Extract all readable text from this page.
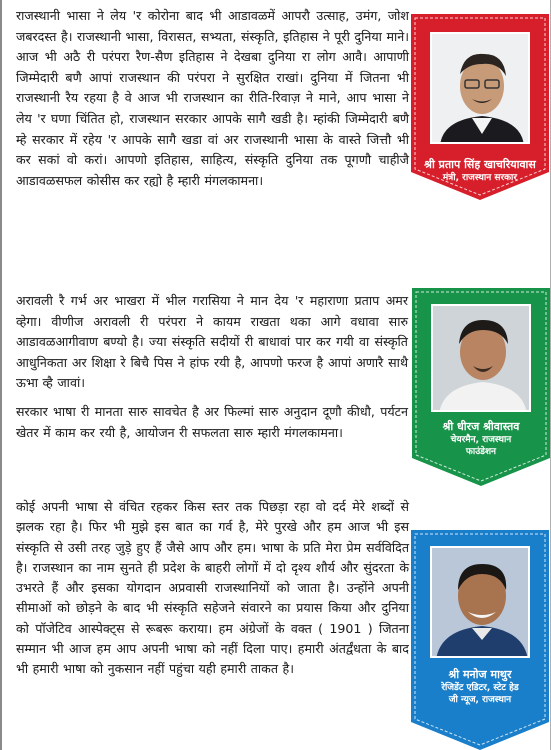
राजस्थानी भासा ने लेय 'र कोरोना बाद भी आडावळमें आपरौ उत्साह, उमंग, जोश जबरदस्त है। राजस्थानी भासा, विरासत, सभ्यता, संस्कृति, इतिहास ने पूरी दुनिया माने। आज भी अठै री परंपरा रैण-सैण इतिहास ने देखबा दुनिया रा लोग आवै। आपाणी जिम्मेदारी बणै आपां राजस्थान की परंपरा ने सुरक्षित राखां। दुनिया में जितना भी राजस्थानी रैय रहया है वे आज भी राजस्थान का रीति-रिवाज़ ने माने, आप भासा ने लेय 'र घणा चिंतित हो, राजस्थान सरकार आपके सागै खडी है। म्हांकी जिम्मेदारी बणै म्हे सरकार में रहेय 'र आपके सागै खडा वां अर राजस्थानी भासा के वास्ते जित्तौ भी कर सकां वो करां। आपणो इतिहास, साहित्य, संस्कृति दुनिया तक पूगणौ चाहीजै आडावळसफल कोसीस कर रह्यो है म्हारी मंगलकामना।

श्री प्रताप सिंह खाचरियावास
मंत्री, राजस्थान सरकार

अरावली रै गर्भ अर भाखरा में भील गरासिया ने मान देय 'र महाराणा प्रताप अमर व्हेगा। वीणीज अरावली री परंपरा ने कायम राखता थका आगे वधावा सारु आडावळआगीवाण बण्यो है। ज्या संस्कृति सदीयों री बाधावां पार कर गयी वा संस्कृति आधुनिकता अर शिक्षा रे बिचै पिस ने हांफ रयी है, आपणो फरज है आपां अणारै साथै ऊभा व्है जावां।

सरकार भाषा री मानता सारु सावचेत है अर फिल्मां सारु अनुदान दूणौ कीधौ, पर्यटन खेतर में काम कर रयी है, आयोजन री सफलता सारु म्हारी मंगलकामना।	श्री धीरज श्रीवास्तव
चेयरमैन, राजस्थान
फाउंडेशन

कोई अपनी भाषा से वंचित रहकर किस स्तर तक पिछड़ा रहा वो दर्द मेरे शब्दों से झलक रहा है। फिर भी मुझे इस बात का गर्व है, मेरे पुरखे और हम आज भी इस संस्कृति से उसी तरह जुड़े हुए हैं जैसे आप और हम। भाषा के प्रति मेरा प्रेम सर्वविदित है। राजस्थान का नाम सुनते ही प्रदेश के बाहरी लोगों में दो दृश्य शौर्य और सुंदरता के उभरते हैं और इसका योगदान अप्रवासी राजस्थानियों को जाता है। उन्होंने अपनी सीमाओं को छोड़ने के बाद भी संस्कृति सहेजने संवारने का प्रयास किया और दुनिया को पॉजेटिव आस्पेक्ट्स से रूबरू कराया। हम अंग्रेजों के वक्त ( 1901 ) जितना सम्मान भी आज हम आप अपनी भाषा को नहीं दिला पाए। हमारी अंतर्द्वंधता के बाद भी हमारी भाषा को नुकसान नहीं पहुंचा यही हमारी ताकत है।	श्री मनोज माथुर
रेजिडेंट एडिटर, स्टेट हेड
जी न्यूज, राजस्थान
